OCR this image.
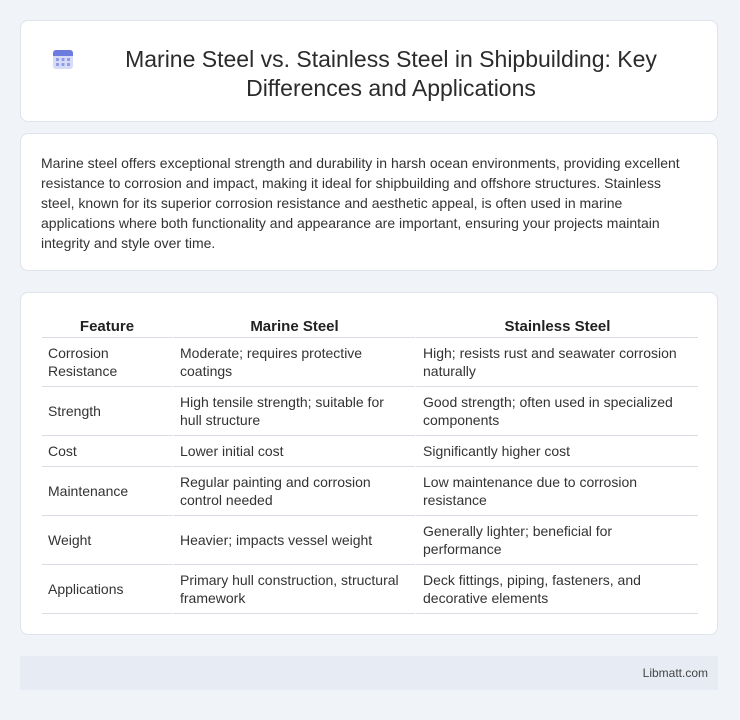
Marine Steel vs. Stainless Steel in Shipbuilding: Key Differences and Applications

Marine steel offers exceptional strength and durability in harsh ocean environments, providing excellent resistance to corrosion and impact, making it ideal for shipbuilding and offshore structures. Stainless steel, known for its superior corrosion resistance and aesthetic appeal, is often used in marine applications where both functionality and appearance are important, ensuring your projects maintain integrity and style over time.

Feature	Marine Steel	Stainless Steel
Corrosion Resistance	Moderate; requires protective coatings	High; resists rust and seawater corrosion naturally
Strength	High tensile strength; suitable for hull structure	Good strength; often used in specialized components
Cost	Lower initial cost	Significantly higher cost
Maintenance	Regular painting and corrosion control needed	Low maintenance due to corrosion resistance
Weight	Heavier; impacts vessel weight	Generally lighter; beneficial for performance
Applications	Primary hull construction, structural framework	Deck fittings, piping, fasteners, and decorative elements
Libmatt.com
